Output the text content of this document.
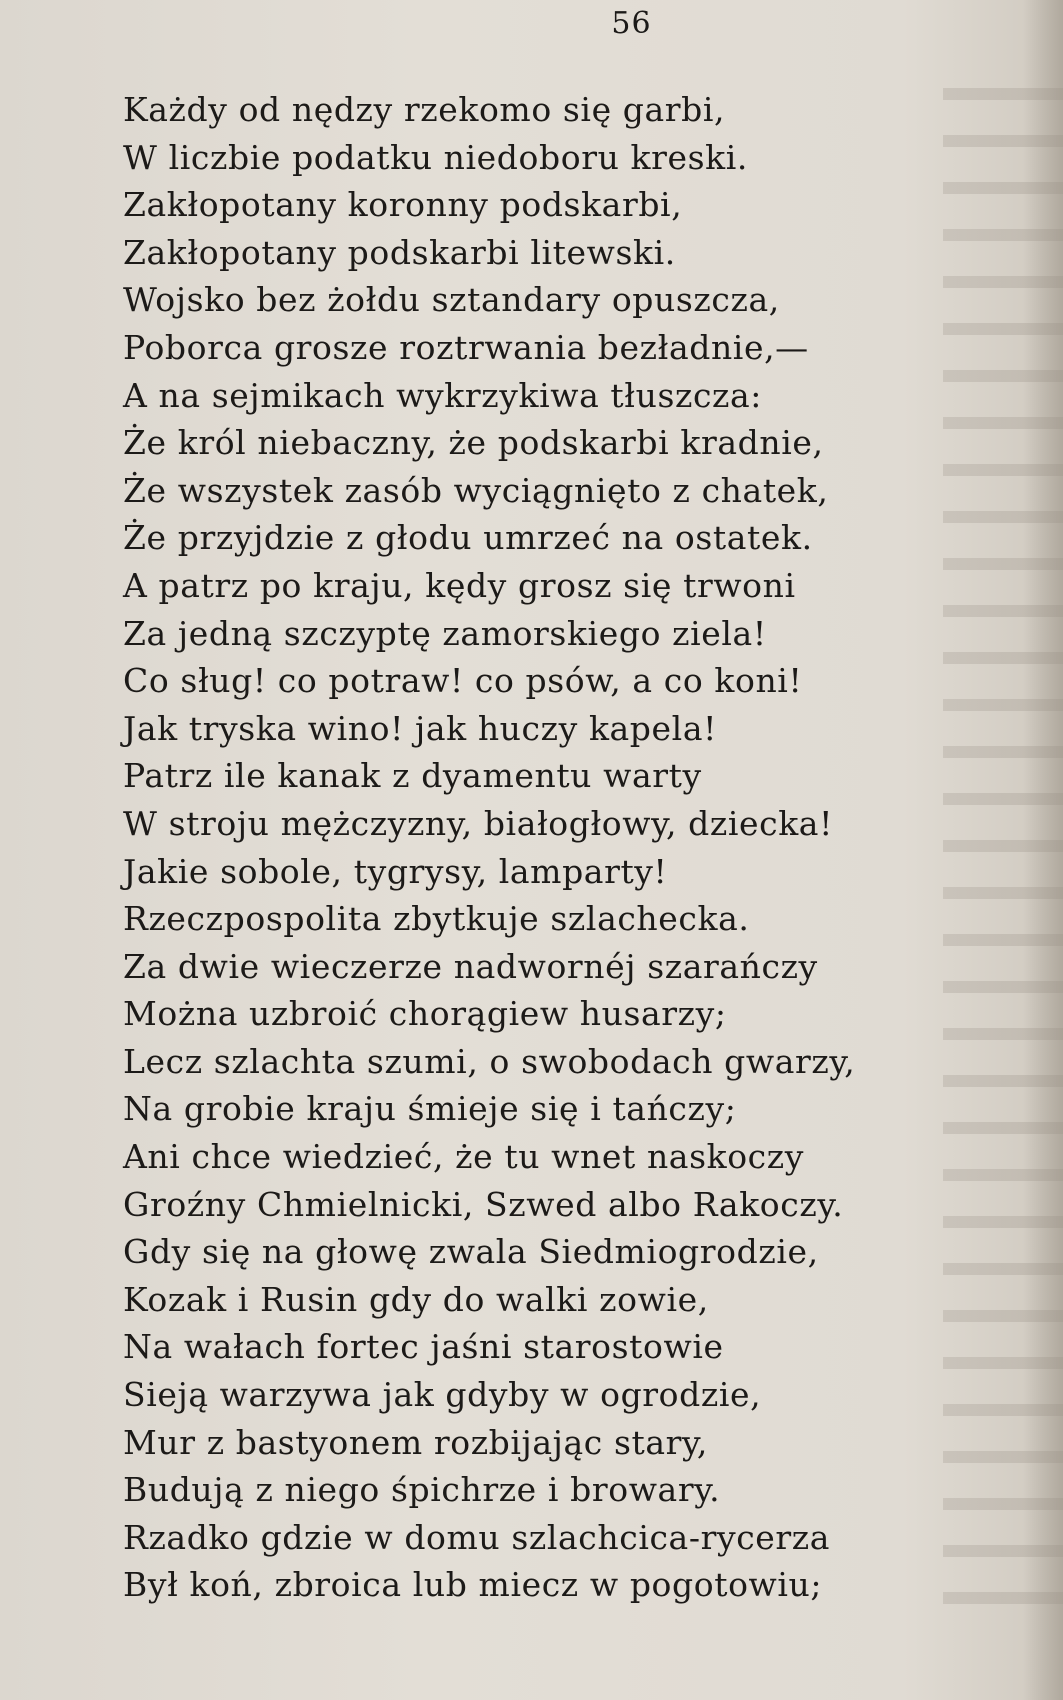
56
Każdy od nędzy rzekomo się garbi,
W liczbie podatku niedoboru kreski.
Zakłopotany koronny podskarbi,
Zakłopotany podskarbi litewski.
Wojsko bez żołdu sztandary opuszcza,
Poborca grosze roztrwania bezładnie,—
A na sejmikach wykrzykiwa tłuszcza:
Że król niebaczny, że podskarbi kradnie,
Że wszystek zasób wyciągnięto z chatek,
Że przyjdzie z głodu umrzeć na ostatek.
A patrz po kraju, kędy grosz się trwoni
Za jedną szczyptę zamorskiego ziela!
Co sług! co potraw! co psów, a co koni!
Jak tryska wino! jak huczy kapela!
Patrz ile kanak z dyamentu warty
W stroju mężczyzny, białogłowy, dziecka!
Jakie sobole, tygrysy, lamparty!
Rzeczpospolita zbytkuje szlachecka.
Za dwie wieczerze nadwornéj szarańczy
Można uzbroić chorągiew husarzy;
Lecz szlachta szumi, o swobodach gwarzy,
Na grobie kraju śmieje się i tańczy;
Ani chce wiedzieć, że tu wnet naskoczy
Groźny Chmielnicki, Szwed albo Rakoczy.
Gdy się na głowę zwala Siedmiogrodzie,
Kozak i Rusin gdy do walki zowie,
Na wałach fortec jaśni starostowie
Sieją warzywa jak gdyby w ogrodzie,
Mur z bastyonem rozbijając stary,
Budują z niego śpichrze i browary.
Rzadko gdzie w domu szlachcica-rycerza
Był koń, zbroica lub miecz w pogotowiu;
